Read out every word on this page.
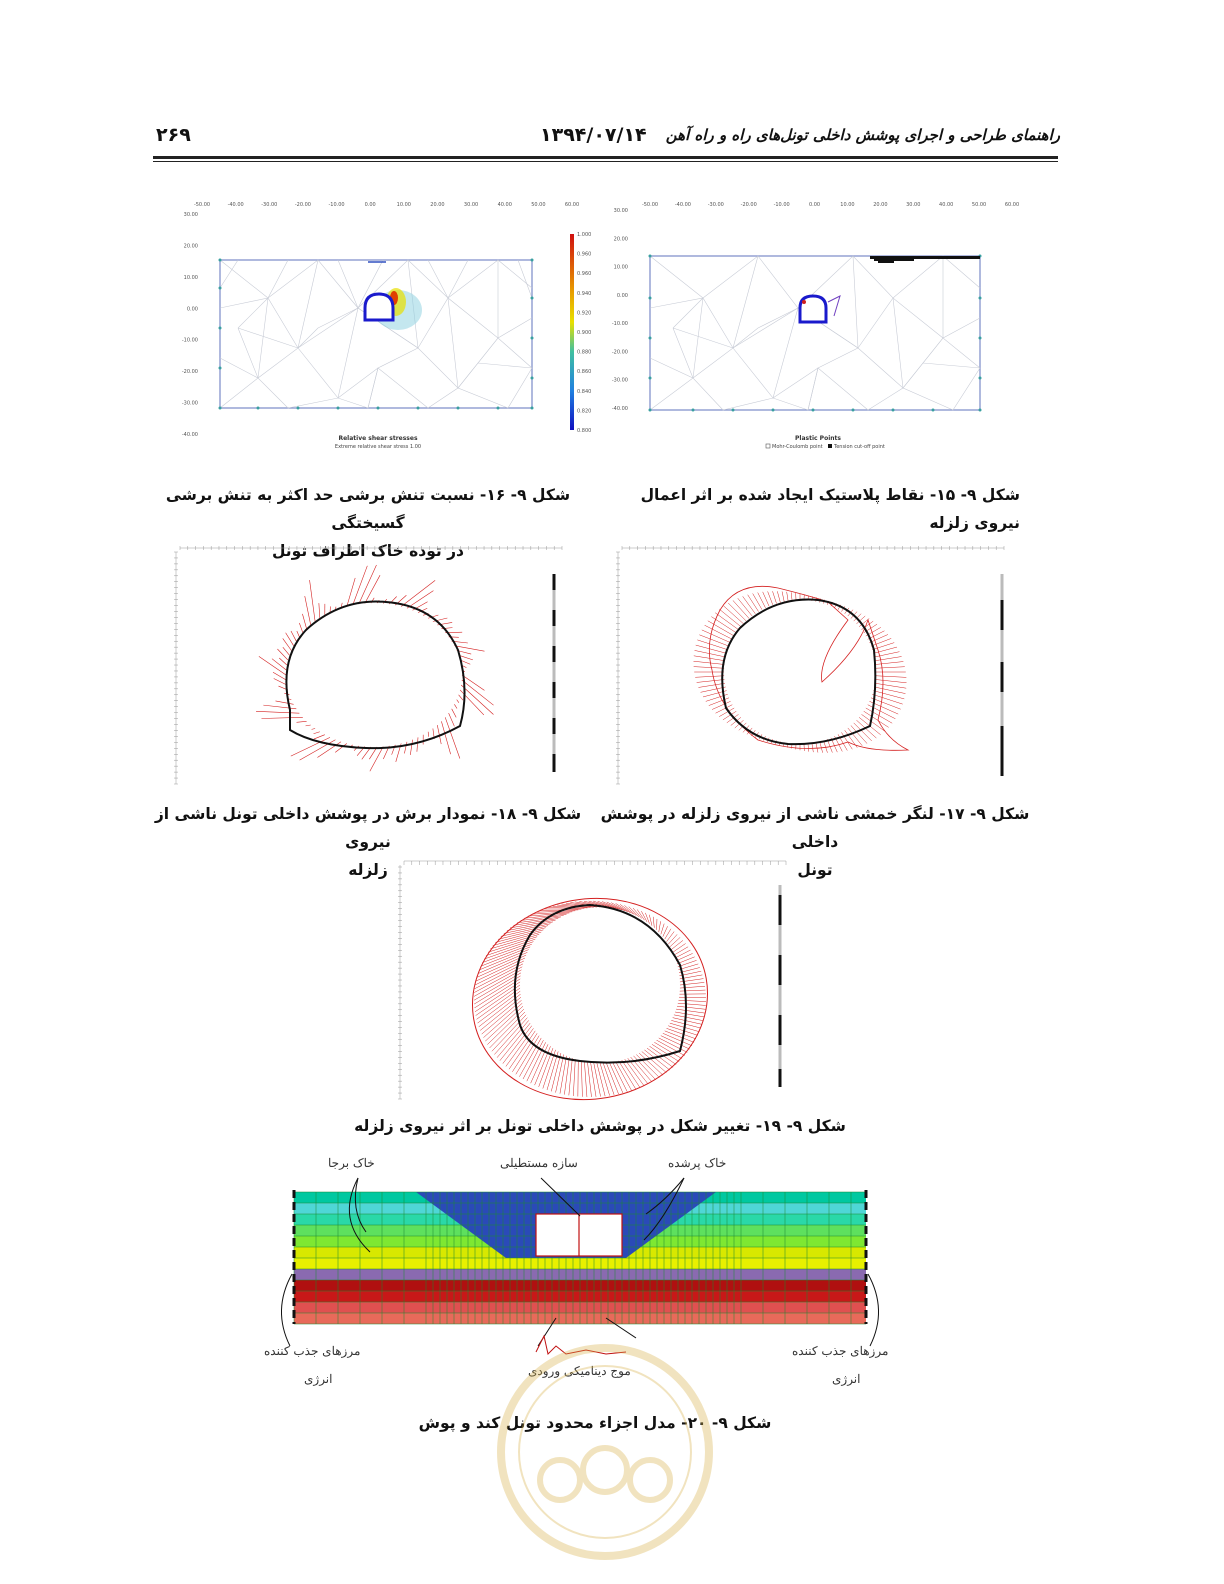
۲۶۹	۱۳۹۴/۰۷/۱۴ راهنمای طراحی و اجرای پوشش داخلی تونل‌های راه و راه آهن
-50.00	-40.00	-30.00	-20.00	-10.00	0.00	10.00	20.00	30.00	40.00	50.00	60.00
30.00
20.00
10.00
0.00
-10.00
-20.00
-30.00
-40.00
1.000
0.960
0.960
0.940
0.920
0.900
0.880
0.860
0.840
0.820
0.800
Relative shear stresses
Extreme relative shear stress 1.00
-50.00	-40.00	-30.00	-20.00	-10.00	0.00	10.00	20.00	30.00	40.00	50.00	60.00
30.00
20.00
10.00
0.00
-10.00
-20.00
-30.00
-40.00
Plastic Points
Mohr-Coulomb point Tension cut-off point
شکل ۹- ۱۵- نقاط پلاستیک ایجاد شده بر اثر اعمال نیروی زلزله
شکل ۹- ۱۶- نسبت تنش برشی حد اکثر به تنش برشی گسیختگی
در توده خاک اطراف تونل
شکل ۹- ۱۸- نمودار برش در پوشش داخلی تونل ناشی از نیروی
زلزله
شکل ۹- ۱۷- لنگر خمشی ناشی از نیروی زلزله در پوشش داخلی
تونل
شکل ۹- ۱۹- تغییر شکل در پوشش داخلی تونل بر اثر نیروی زلزله
خاک برجا	سازه مستطیلی	خاک پرشده
مرزهای جذب کننده
انرژی
مرزهای جذب کننده
انرژی
موج دینامیکی ورودی
شکل ۹- ۲۰- مدل اجزاء محدود تونل کند و پوش
